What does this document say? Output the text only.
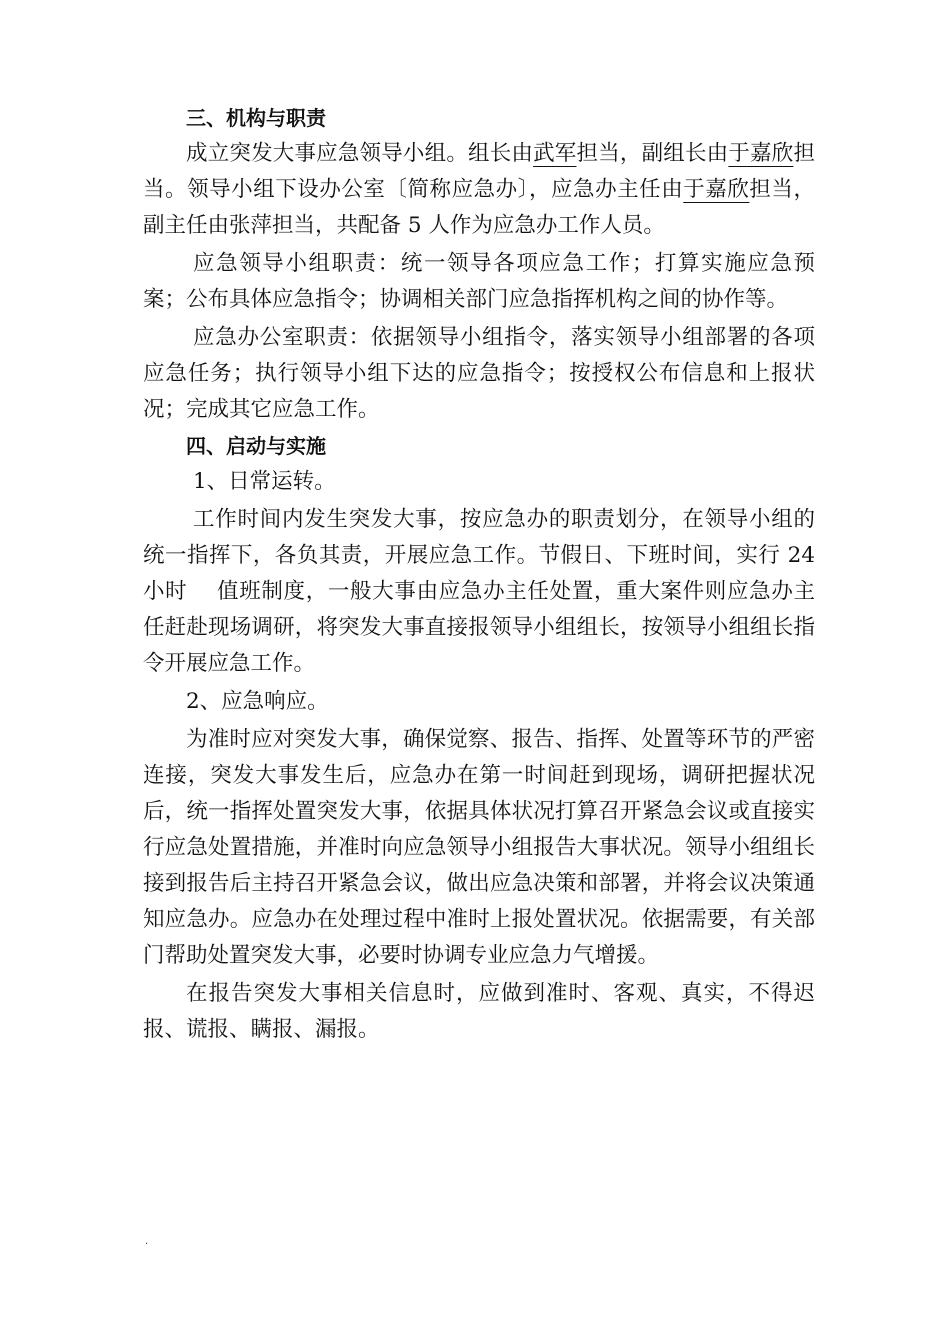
三、机构与职责

成立突发大事应急领导小组。组长由武军担当，副组长由于嘉欣担当。领导小组下设办公室〔简称应急办〕，应急办主任由于嘉欣担当，副主任由张萍担当，共配备 5 人作为应急办工作人员。

应急领导小组职责：统一领导各项应急工作；打算实施应急预案；公布具体应急指令；协调相关部门应急指挥机构之间的协作等。

应急办公室职责：依据领导小组指令，落实领导小组部署的各项应急任务；执行领导小组下达的应急指令；按授权公布信息和上报状况；完成其它应急工作。

四、启动与实施

1、日常运转。

工作时间内发生突发大事，按应急办的职责划分，在领导小组的统一指挥下，各负其责，开展应急工作。节假日、下班时间，实行 24 小时　 值班制度，一般大事由应急办主任处置，重大案件则应急办主任赶赴现场调研，将突发大事直接报领导小组组长，按领导小组组长指令开展应急工作。

2、应急响应。

为准时应对突发大事，确保觉察、报告、指挥、处置等环节的严密连接，突发大事发生后，应急办在第一时间赶到现场，调研把握状况后，统一指挥处置突发大事，依据具体状况打算召开紧急会议或直接实行应急处置措施，并准时向应急领导小组报告大事状况。领导小组组长接到报告后主持召开紧急会议，做出应急决策和部署，并将会议决策通知应急办。应急办在处理过程中准时上报处置状况。依据需要，有关部门帮助处置突发大事，必要时协调专业应急力气增援。

在报告突发大事相关信息时，应做到准时、客观、真实，不得迟报、谎报、瞒报、漏报。

.
